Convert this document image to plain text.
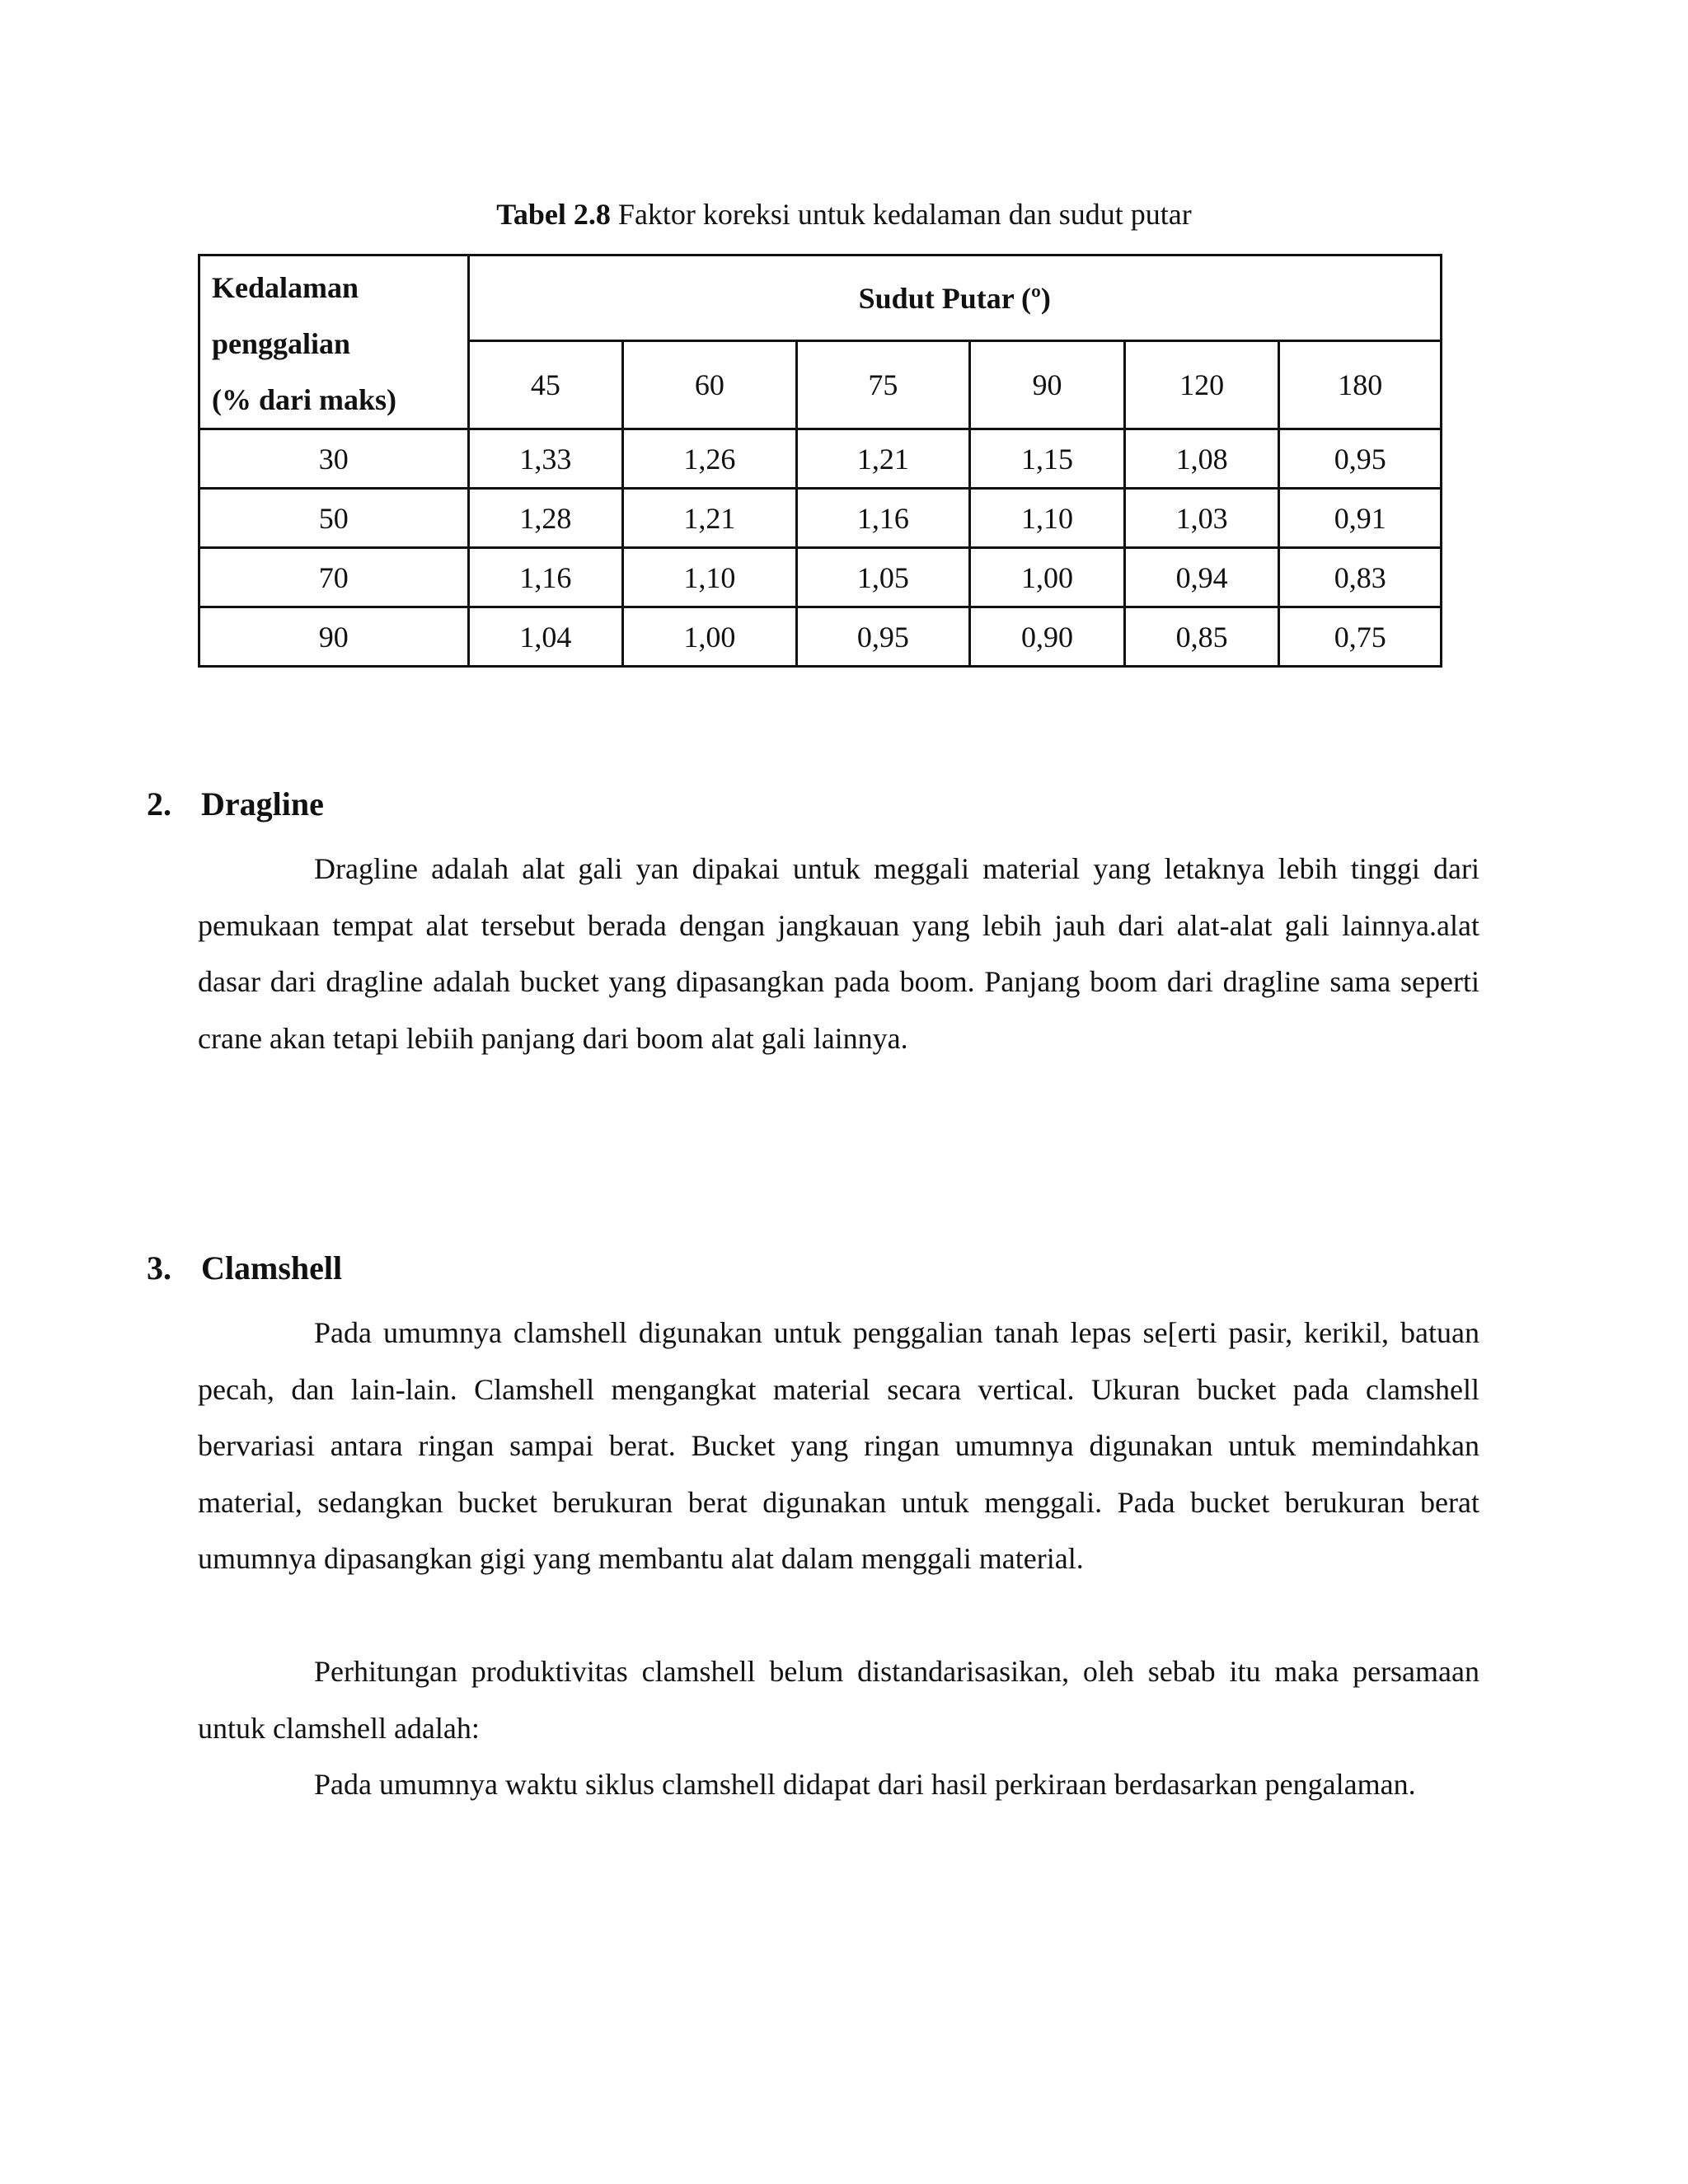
Tabel 2.8 Faktor koreksi untuk kedalaman dan sudut putar
Kedalaman
penggalian
(% dari maks)	Sudut Putar (º)					
	45	60	75	90	120	180
30	1,33	1,26	1,21	1,15	1,08	0,95
50	1,28	1,21	1,16	1,10	1,03	0,91
70	1,16	1,10	1,05	1,00	0,94	0,83
90	1,04	1,00	0,95	0,90	0,85	0,75
2. Dragline

Dragline adalah alat gali yan dipakai untuk meggali material yang letaknya lebih tinggi dari pemukaan tempat alat tersebut berada dengan jangkauan yang lebih jauh dari alat-alat gali lainnya.alat dasar dari dragline adalah bucket yang dipasangkan pada boom. Panjang boom dari dragline sama seperti crane akan tetapi lebiih panjang dari boom alat gali lainnya.

3. Clamshell

Pada umumnya clamshell digunakan untuk penggalian tanah lepas se[erti pasir, kerikil, batuan pecah, dan lain-lain. Clamshell mengangkat material secara vertical. Ukuran bucket pada clamshell bervariasi antara ringan sampai berat. Bucket yang ringan umumnya digunakan untuk memindahkan material, sedangkan bucket berukuran berat digunakan untuk menggali. Pada bucket berukuran berat umumnya dipasangkan gigi yang membantu alat dalam menggali material.

Perhitungan produktivitas clamshell belum distandarisasikan, oleh sebab itu maka persamaan untuk clamshell adalah:

Pada umumnya waktu siklus clamshell didapat dari hasil perkiraan berdasarkan pengalaman.
